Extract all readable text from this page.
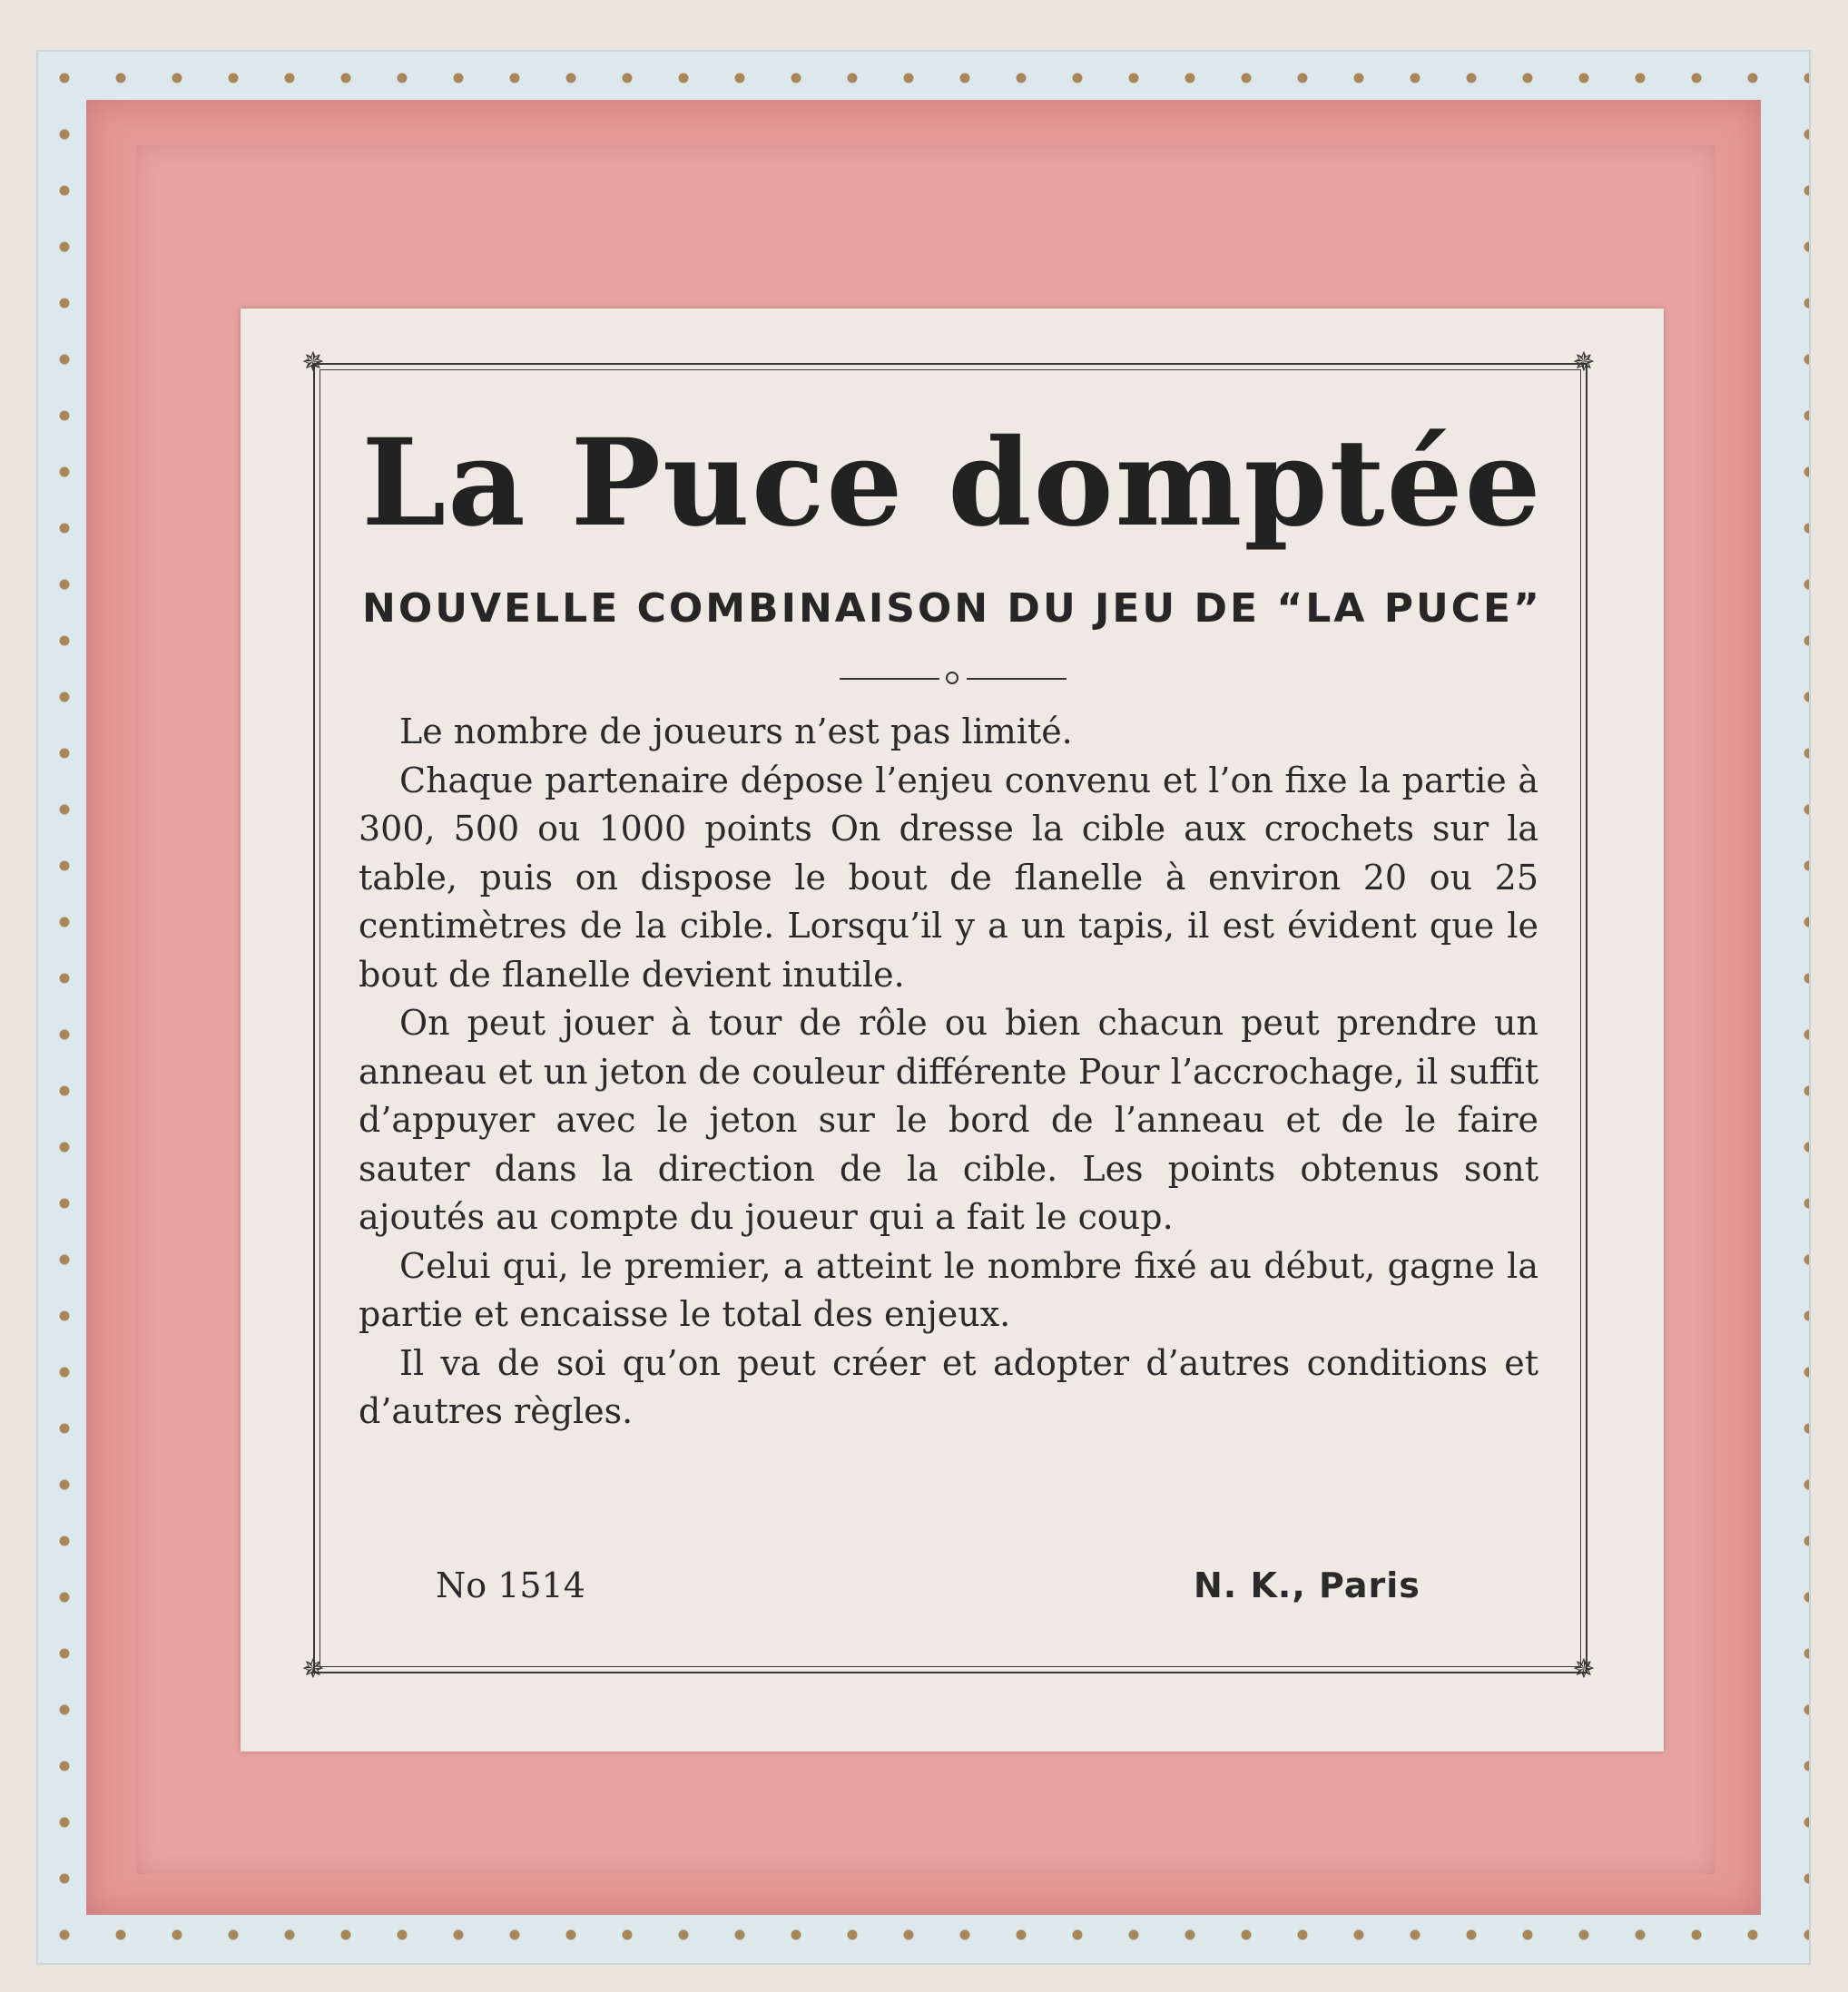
✵	✵
✵	✵
La Puce domptée
NOUVELLE COMBINAISON DU JEU DE “LA PUCE”

Le nombre de joueurs n’est pas limité.

Chaque partenaire dépose l’enjeu convenu et l’on fixe la partie à 300, 500 ou 1000 points On dresse la cible aux crochets sur la table, puis on dispose le bout de flanelle à environ 20 ou 25 centimètres de la cible. Lorsqu’il y a un tapis, il est évident que le bout de flanelle devient inutile.

On peut jouer à tour de rôle ou bien chacun peut prendre un anneau et un jeton de couleur différente Pour l’accrochage, il suffit d’appuyer avec le jeton sur le bord de l’anneau et de le faire sauter dans la direction de la cible. Les points obtenus sont ajoutés au compte du joueur qui a fait le coup.

Celui qui, le premier, a atteint le nombre fixé au début, gagne la partie et encaisse le total des enjeux.

Il va de soi qu’on peut créer et adopter d’autres conditions et d’autres règles.

No 1514	N. K., Paris
